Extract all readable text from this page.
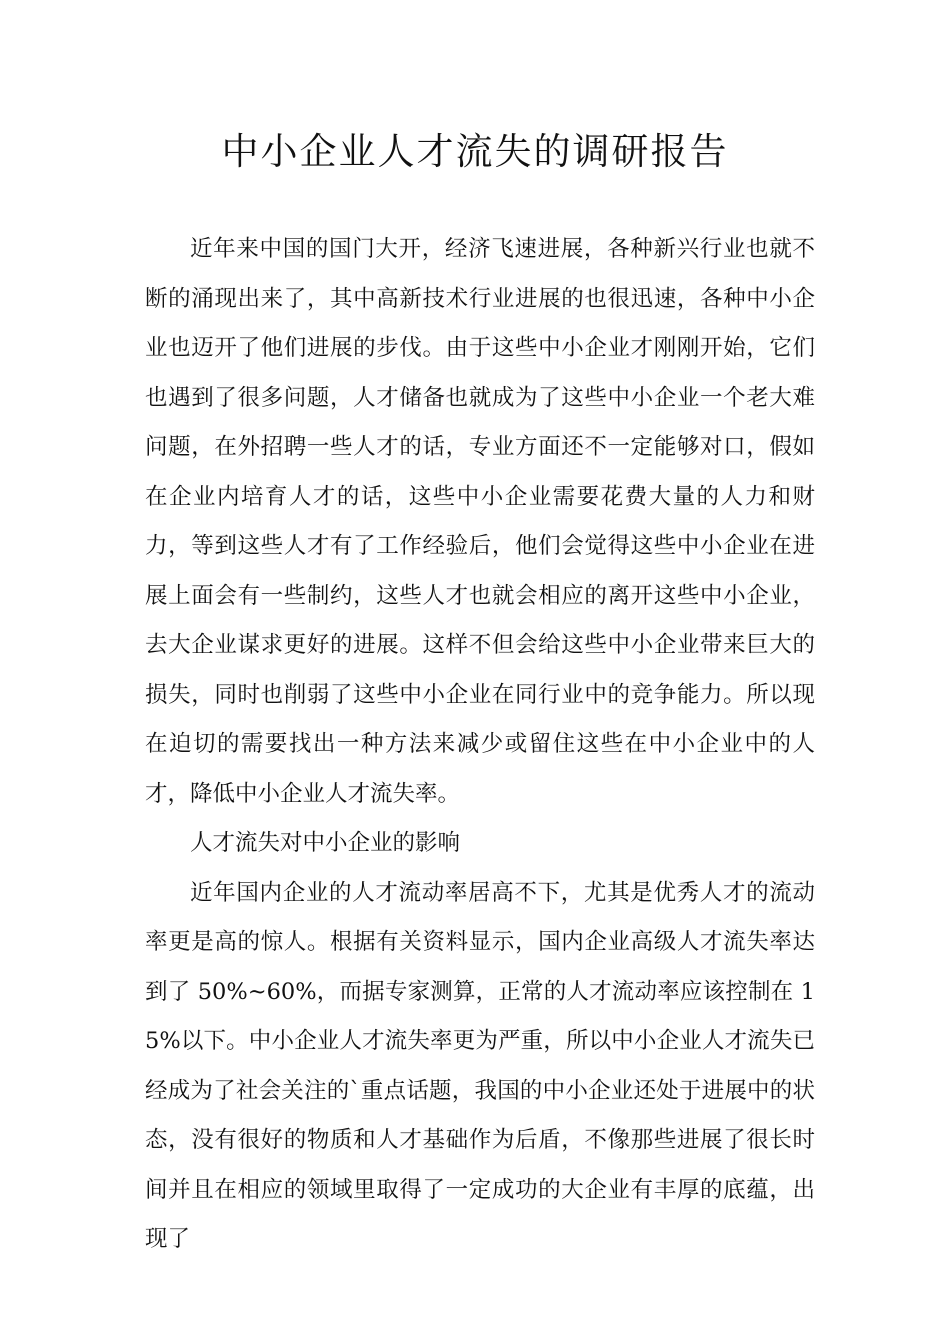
中小企业人才流失的调研报告

近年来中国的国门大开，经济飞速进展，各种新兴行业也就不断的涌现出来了，其中高新技术行业进展的也很迅速，各种中小企业也迈开了他们进展的步伐。由于这些中小企业才刚刚开始，它们也遇到了很多问题，人才储备也就成为了这些中小企业一个老大难问题，在外招聘一些人才的话，专业方面还不一定能够对口，假如在企业内培育人才的话，这些中小企业需要花费大量的人力和财力，等到这些人才有了工作经验后，他们会觉得这些中小企业在进展上面会有一些制约，这些人才也就会相应的离开这些中小企业，去大企业谋求更好的进展。这样不但会给这些中小企业带来巨大的损失，同时也削弱了这些中小企业在同行业中的竞争能力。所以现在迫切的需要找出一种方法来减少或留住这些在中小企业中的人才，降低中小企业人才流失率。

人才流失对中小企业的影响

近年国内企业的人才流动率居高不下，尤其是优秀人才的流动率更是高的惊人。根据有关资料显示，国内企业高级人才流失率达到了 50%~60%，而据专家测算，正常的人才流动率应该控制在 15%以下。中小企业人才流失率更为严重，所以中小企业人才流失已经成为了社会关注的`重点话题，我国的中小企业还处于进展中的状态，没有很好的物质和人才基础作为后盾，不像那些进展了很长时间并且在相应的领域里取得了一定成功的大企业有丰厚的底蕴，出现了
